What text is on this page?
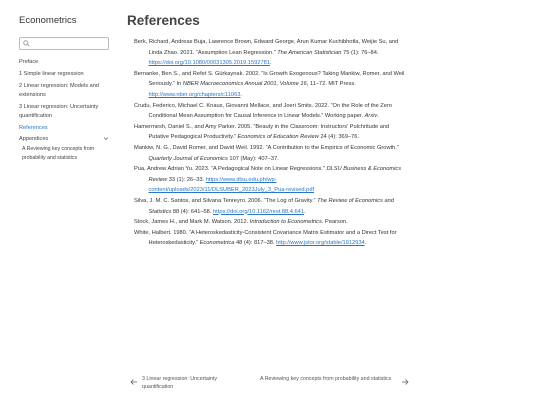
Econometrics
Preface
1 Simple linear regression
2 Linear regression: Models and extensions
3 Linear regression: Uncertainty quantification
References
Appendices
A Reviewing key concepts from probability and statistics
References

Berk, Richard, Andreas Buja, Lawrence Brown, Edward George, Arun Kumar Kuchibhotla, Weijie Su, and Linda Zhao. 2021. “Assumption Lean Regression.” The American Statistician 75 (1): 76–84. https://doi.org/10.1080/00031305.2019.1592781.

Bernanke, Ben S., and Refet S. Gürkaynak. 2002. “Is Growth Exogenous? Taking Mankiw, Romer, and Weil Seriously.” In NBER Macroeconomics Annual 2001, Volume 16, 11–72. MIT Press. http://www.nber.org/chapters/c11063.

Crudu, Federico, Michael C. Knaus, Giovanni Mellace, and Joeri Smits. 2022. “On the Role of the Zero Conditional Mean Assumption for Causal Inference in Linear Models.” Working paper. Arxiv.

Hamermesh, Daniel S., and Amy Parker. 2005. “Beauty in the Classroom: Instructors’ Pulchritude and Putative Pedagogical Productivity.” Economics of Education Review 24 (4): 369–76.

Mankiw, N. G., David Romer, and David Weil. 1992. “A Contribution to the Empirics of Economic Growth.” Quarterly Journal of Economics 107 (May): 407–37.

Pua, Andrew Adrian Yu. 2023. “A Pedagogical Note on Linear Regressions.” DLSU Business & Economics Review 33 (1): 26–33. https://www.dlsu.edu.ph/wp-content/uploads/2023/11/DLSUBER_2023July_3_Pua-revised.pdf

Silva, J. M. C. Santos, and Silvana Tenreyro. 2006. “The Log of Gravity.” The Review of Economics and Statistics 88 (4): 641–58. https://doi.org/10.1162/rest.88.4.641.

Stock, James H., and Mark M. Watson. 2012. Introduction to Econometrics. Pearson.

White, Halbert. 1980. “A Heteroskedasticity-Consistent Covariance Matrix Estimator and a Direct Test for Heteroskedasticity.” Econometrica 48 (4): 817–38. http://www.jstor.org/stable/1912934.

3 Linear regression: Uncertainty quantification
A Reviewing key concepts from probability and statistics
